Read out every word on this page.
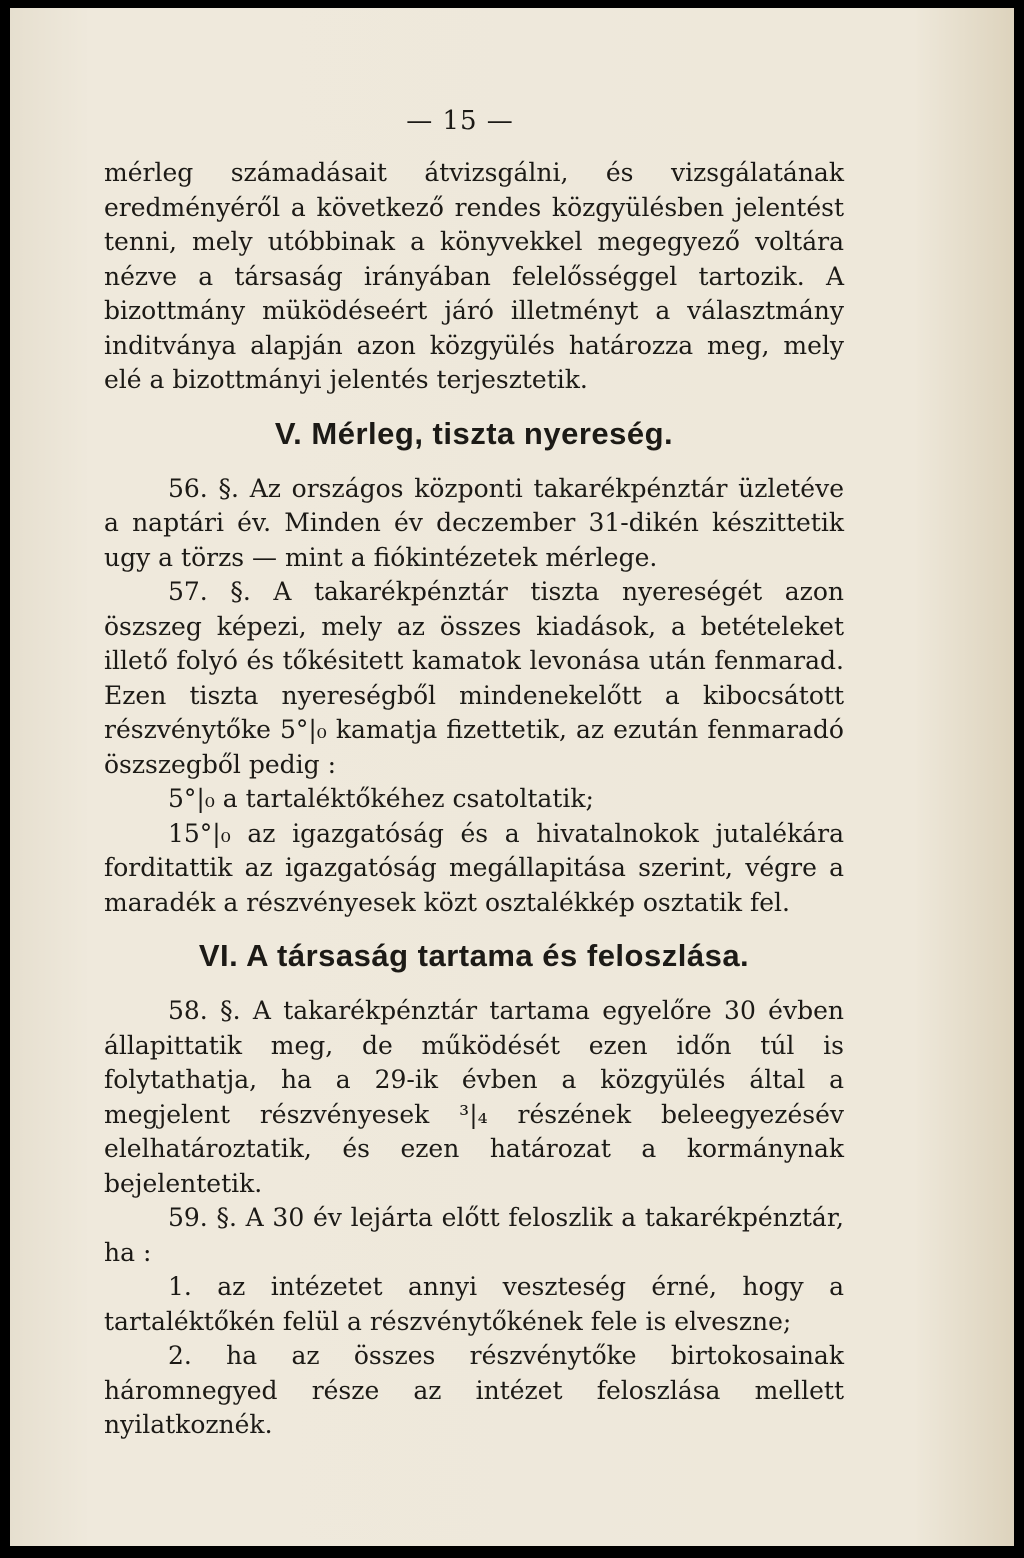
— 15 —

mérleg számadásait átvizsgálni, és vizsgálatának eredményéről a következő rendes közgyülésben jelentést tenni, mely utóbbinak a könyvekkel megegyező voltára nézve a társaság irányában felelősséggel tartozik. A bizottmány müködéseért járó illetményt a választmány inditványa alapján azon közgyülés határozza meg, mely elé a bizottmányi jelentés terjesztetik.

V. Mérleg, tiszta nyereség.

56. §. Az országos központi takarékpénztár üzletéve a naptári év. Minden év deczember 31-dikén készittetik ugy a törzs — mint a fiókintézetek mérlege.

57. §. A takarékpénztár tiszta nyereségét azon öszszeg képezi, mely az összes kiadások, a betételeket illető folyó és tőkésitett kamatok levonása után fenmarad. Ezen tiszta nyereségből mindenekelőtt a kibocsátott részvénytőke 5°|₀ kamatja fizettetik, az ezután fenmaradó öszszegből pedig :

5°|₀ a tartaléktőkéhez csatoltatik;

15°|₀ az igazgatóság és a hivatalnokok jutalékára forditattik az igazgatóság megállapitása szerint, végre a maradék a részvényesek közt osztalékkép osztatik fel.

VI. A társaság tartama és feloszlása.

58. §. A takarékpénztár tartama egyelőre 30 évben állapittatik meg, de működését ezen időn túl is folytathatja, ha a 29-ik évben a közgyülés által a megjelent részvényesek ³|₄ részének beleegyezésév elelhatároztatik, és ezen határozat a kormánynak bejelentetik.

59. §. A 30 év lejárta előtt feloszlik a takarékpénztár, ha :

1. az intézetet annyi veszteség érné, hogy a tartaléktőkén felül a részvénytőkének fele is elveszne;

2. ha az összes részvénytőke birtokosainak háromnegyed része az intézet feloszlása mellett nyilatkoznék.
